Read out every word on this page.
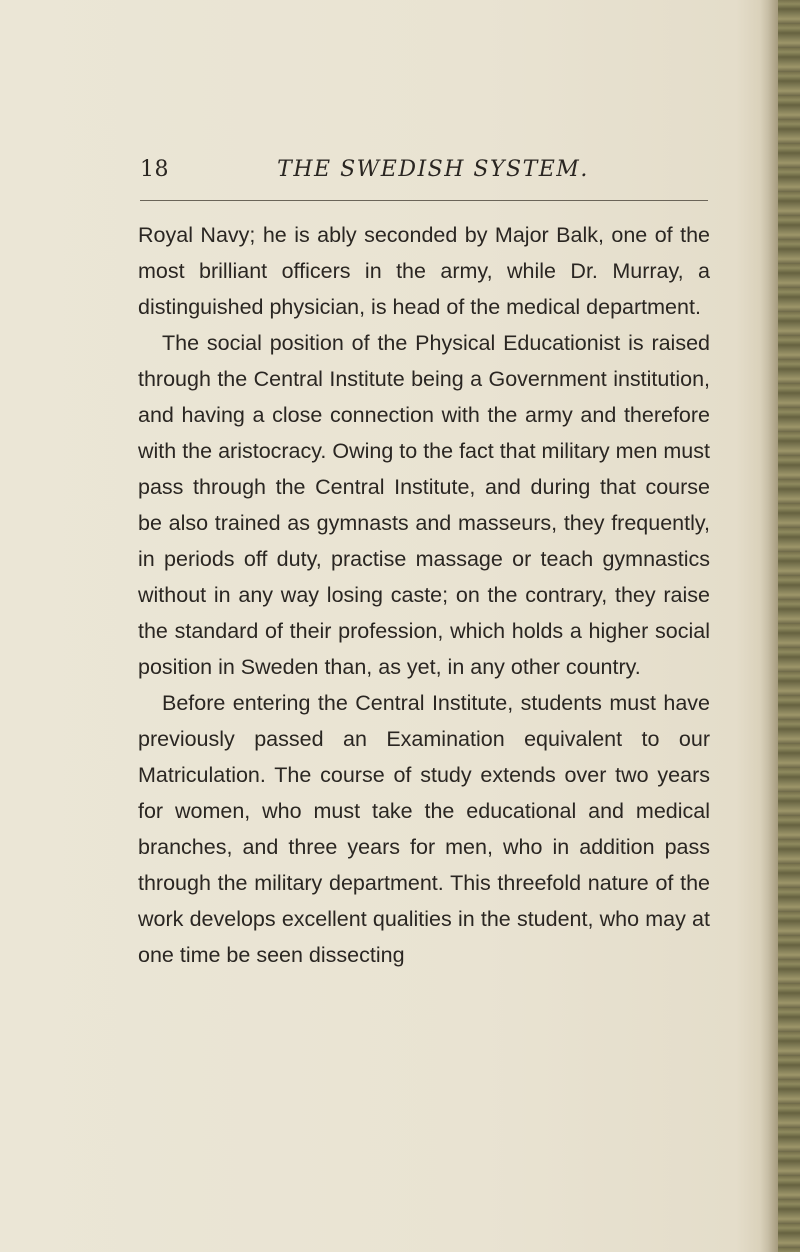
18	THE SWEDISH SYSTEM.

Royal Navy; he is ably seconded by Major Balk, one of the most brilliant officers in the army, while Dr. Murray, a distinguished physician, is head of the medical department.

The social position of the Physical Educationist is raised through the Central Institute being a Government institution, and having a close connection with the army and therefore with the aristocracy. Owing to the fact that military men must pass through the Central Institute, and during that course be also trained as gymnasts and masseurs, they frequently, in periods off duty, practise massage or teach gymnastics without in any way losing caste; on the contrary, they raise the standard of their profession, which holds a higher social position in Sweden than, as yet, in any other country.

Before entering the Central Institute, students must have previously passed an Examination equivalent to our Matriculation. The course of study extends over two years for women, who must take the educational and medical branches, and three years for men, who in addition pass through the military department. This threefold nature of the work develops excellent qualities in the student, who may at one time be seen dissecting
